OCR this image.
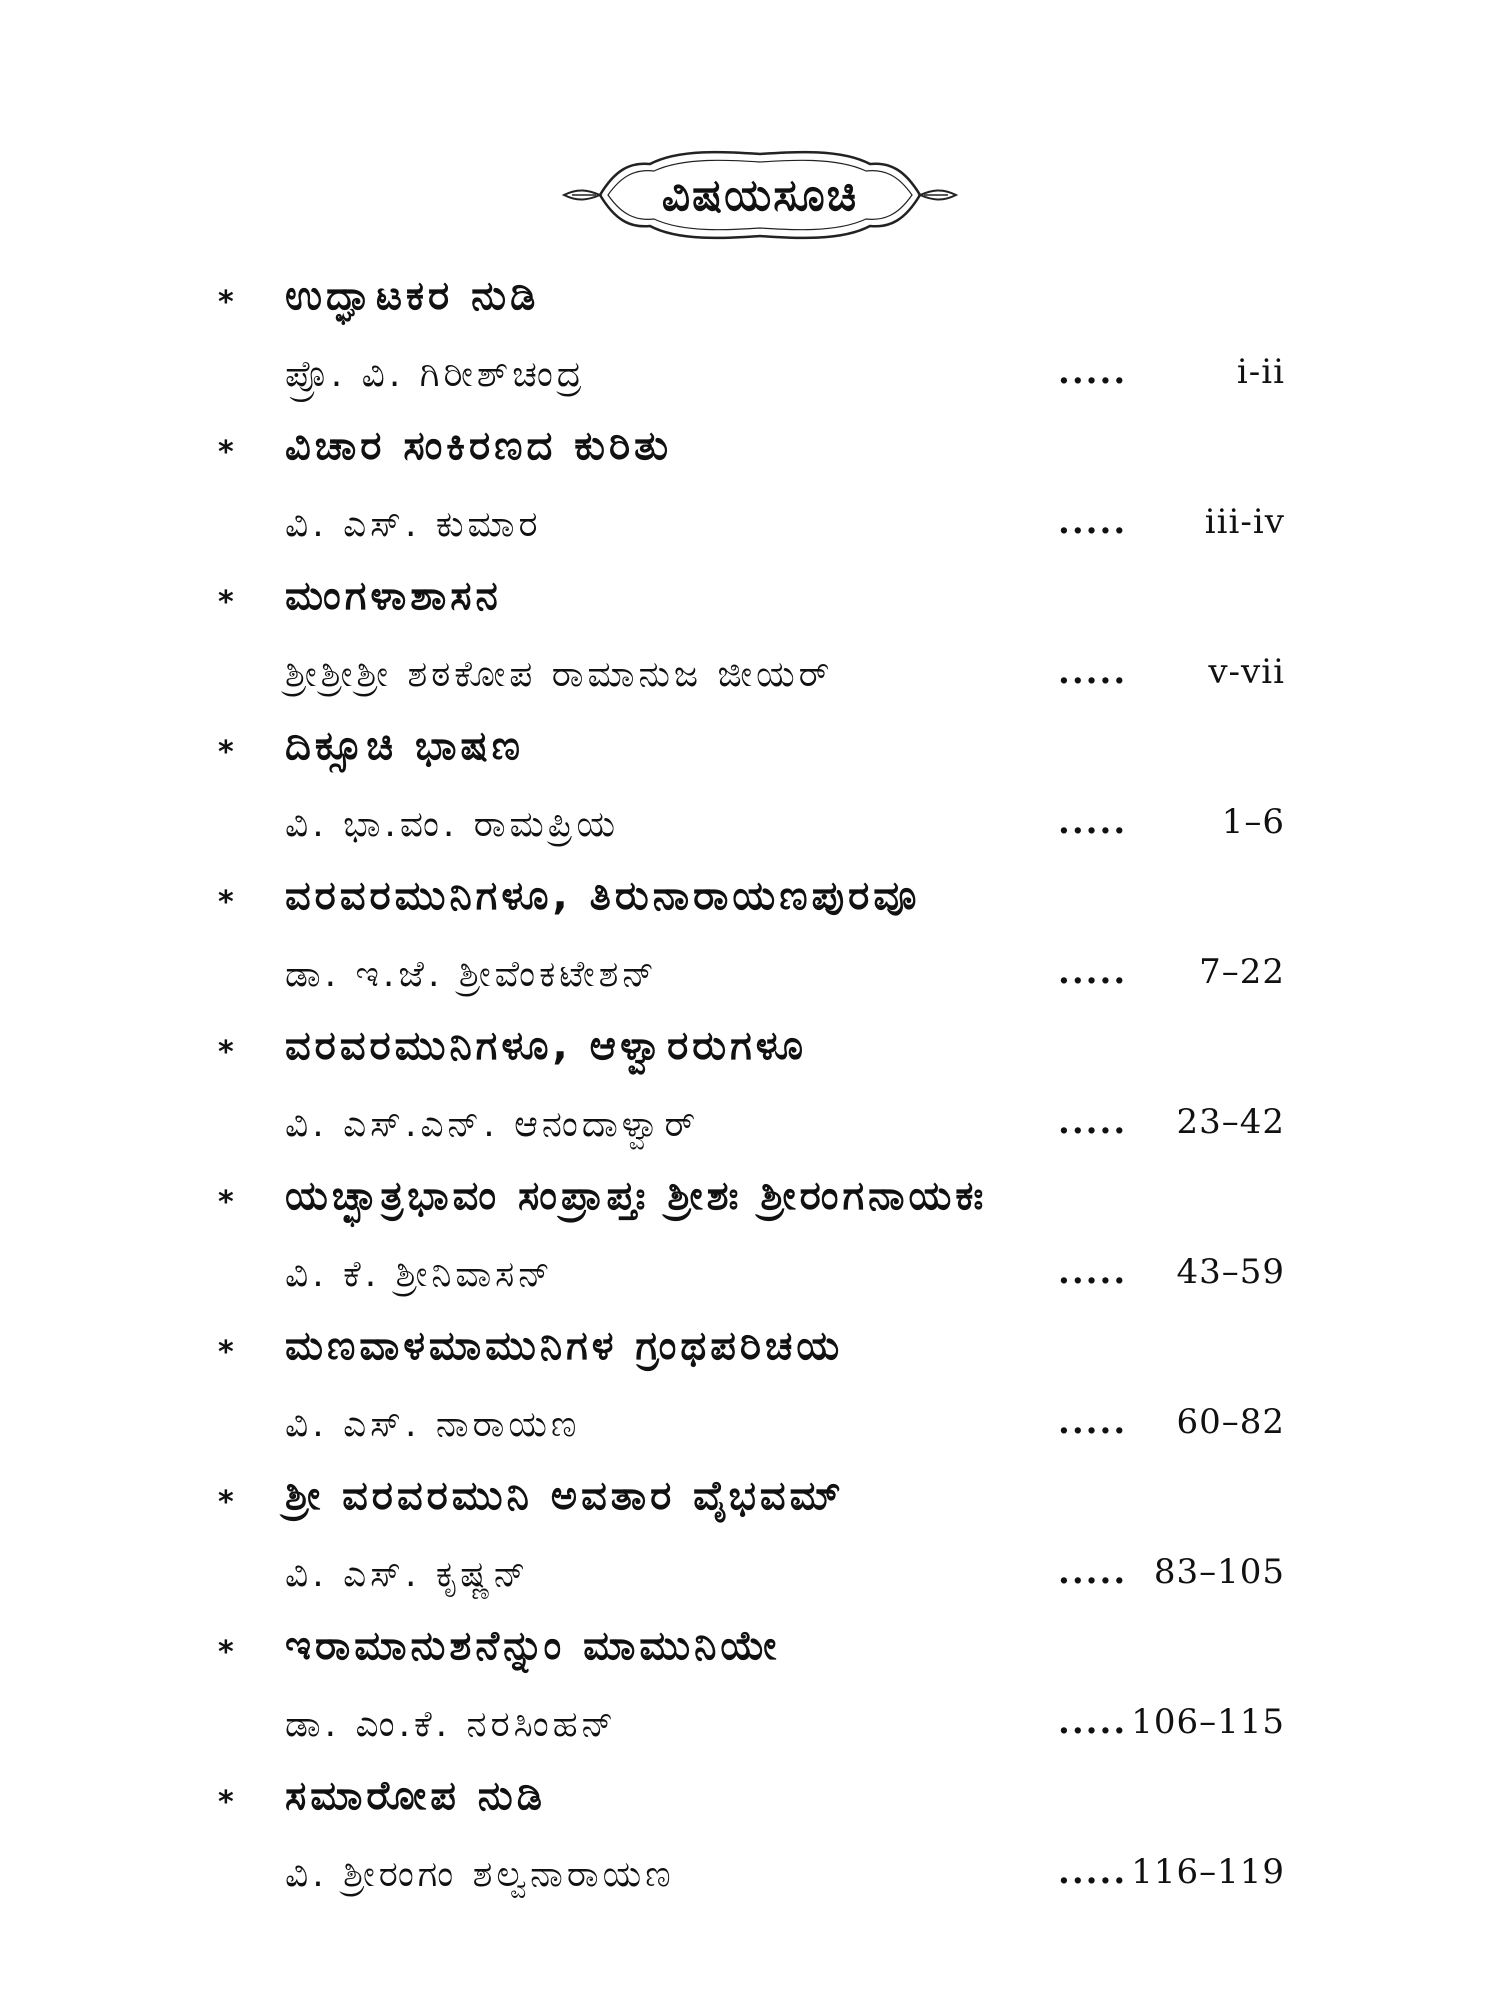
ವಿಷಯಸೂಚಿ
* ಉದ್ಘಾಟಕರ ನುಡಿ
ಪ್ರೊ. ವಿ. ಗಿರೀಶ್‌ಚಂದ್ರ	.....	i-ii
* ವಿಚಾರ ಸಂಕಿರಣದ ಕುರಿತು
ವಿ. ಎಸ್. ಕುಮಾರ	..... iii-iv
* ಮಂಗಳಾಶಾಸನ
ಶ್ರೀಶ್ರೀಶ್ರೀ ಶಠಕೋಪ ರಾಮಾನುಜ ಜೀಯರ್	..... v-vii
* ದಿಕ್ಸೂಚಿ ಭಾಷಣ
ವಿ. ಭಾ.ವಂ. ರಾಮಪ್ರಿಯ	.....	1–6
* ವರವರಮುನಿಗಳೂ, ತಿರುನಾರಾಯಣಪುರವೂ
ಡಾ. ಇ.ಜೆ. ಶ್ರೀವೆಂಕಟೇಶನ್	..... 7–22
* ವರವರಮುನಿಗಳೂ, ಆಳ್ವಾರರುಗಳೂ
ವಿ. ಎಸ್.ಎನ್. ಆನಂದಾಳ್ವಾರ್	..... 23–42
* ಯಚ್ಛಾತ್ರಭಾವಂ ಸಂಪ್ರಾಪ್ತಃ ಶ್ರೀಶಃ ಶ್ರೀರಂಗನಾಯಕಃ
ವಿ. ಕೆ. ಶ್ರೀನಿವಾಸನ್	..... 43–59
* ಮಣವಾಳಮಾಮುನಿಗಳ ಗ್ರಂಥಪರಿಚಯ
ವಿ. ಎಸ್. ನಾರಾಯಣ	..... 60–82
* ಶ್ರೀ ವರವರಮುನಿ ಅವತಾರ ವೈಭವಮ್
ವಿ. ಎಸ್. ಕೃಷ್ಣನ್	..... 83–105
* ಇರಾಮಾನುಶನೆನ್ನುಂ ಮಾಮುನಿಯೇ
ಡಾ. ಎಂ.ಕೆ. ನರಸಿಂಹನ್	..... 106–115
* ಸಮಾರೋಪ ನುಡಿ
ವಿ. ಶ್ರೀರಂಗಂ ಶಲ್ವನಾರಾಯಣ	..... 116–119
